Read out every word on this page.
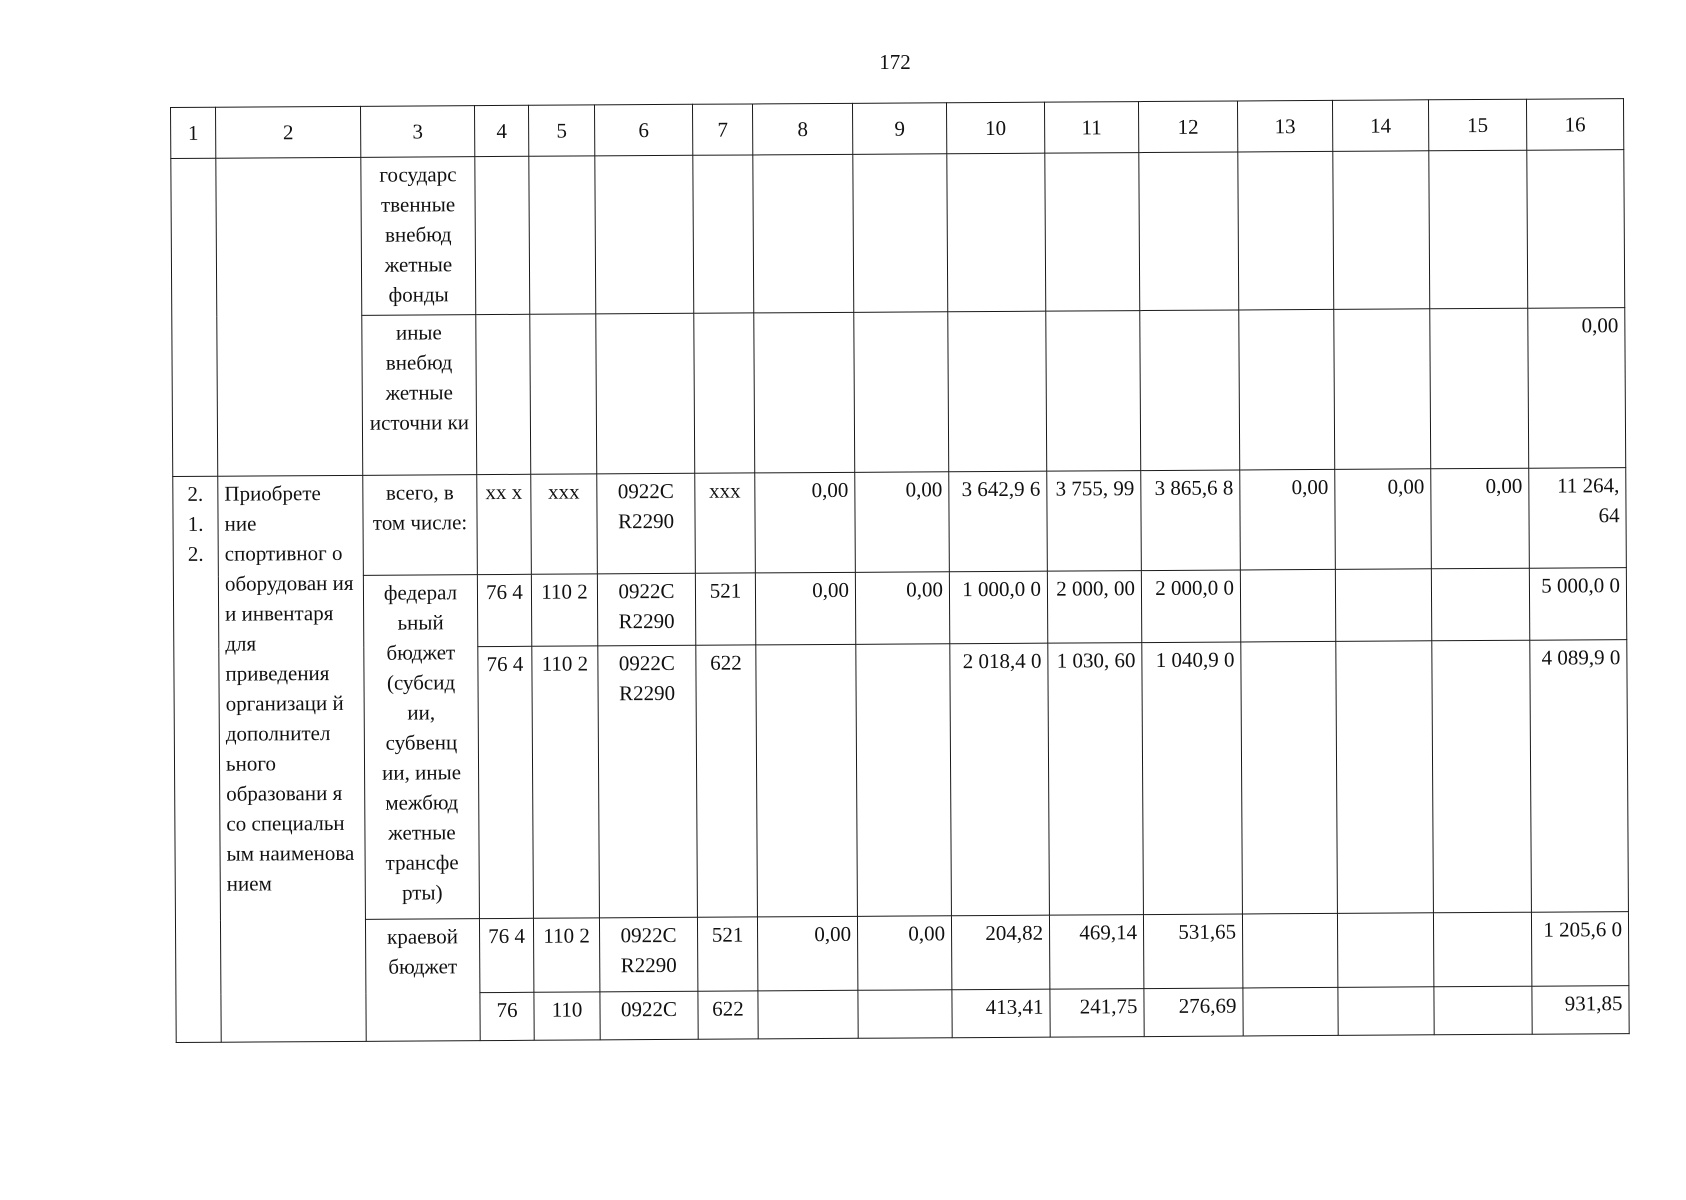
172
1	2	3	4	5	6	7	8	9	10	11	12	13	14	15	16
		государс твенные внебюд жетные фонды													
		иные внебюд жетные источни ки													0,00
2. 1. 2.	Приобрете ние спортивног о оборудован ия и инвентаря для приведения организаци й дополнител ьного образовани я со специальн ым наименова нием	всего, в том числе:	хх х	ххх	0922С R2290	ххх	0,00	0,00	3 642,9 6	3 755, 99	3 865,6 8	0,00	0,00	0,00	11 264, 64
		федерал ьный бюджет (субсид ии, субвенц ии, иные межбюд жетные трансфе рты)	76 4	110 2	0922С R2290	521	0,00	0,00	1 000,0 0	2 000, 00	2 000,0 0				5 000,0 0
			76 4	110 2	0922С R2290	622			2 018,4 0	1 030, 60	1 040,9 0				4 089,9 0
		краевой бюджет	76 4	110 2	0922С R2290	521	0,00	0,00	204,82	469,14	531,65				1 205,6 0
			76	110	0922С	622			413,41	241,75	276,69				931,85
